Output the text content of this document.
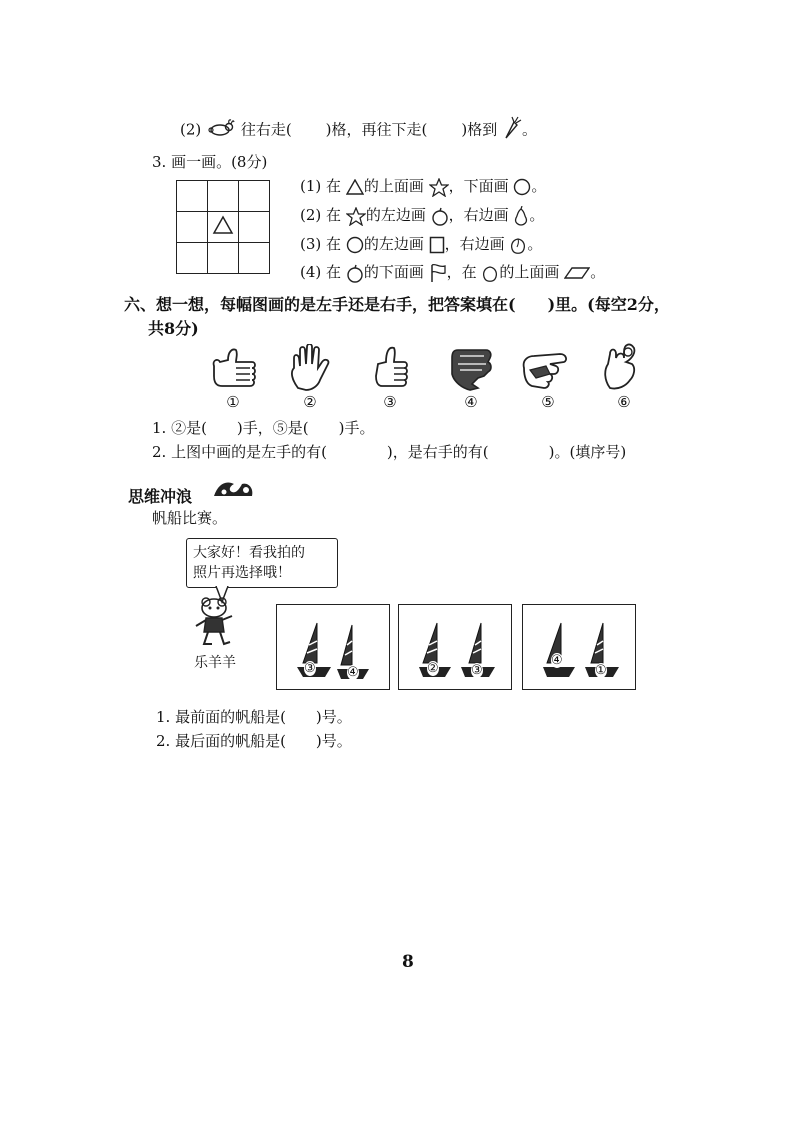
(2)	往右走( )格，再往下走( )格到 。
3. 画一画。(8分)

(1) 在 的上面画 ，下面画 。
(2) 在 的左边画 ，右边画 。
(3) 在 的左边画 ，右边画 。
(4) 在 的下面画 ，在 的上面画 。
六、想一想，每幅图画的是左手还是右手，把答案填在(　　)里。(每空2分，
共8分)
①	②	③	④	⑤	⑥
1. ②是(　　)手，⑤是(　　)手。
2. 上图中画的是左手的有(　　　　)，是右手的有(　　　　)。(填序号)
思维冲浪
帆船比赛。
大家好！看我拍的
照片再选择哦！
乐羊羊	③ ④	② ③
④
①
1. 最前面的帆船是(　　)号。
2. 最后面的帆船是(　　)号。
8
